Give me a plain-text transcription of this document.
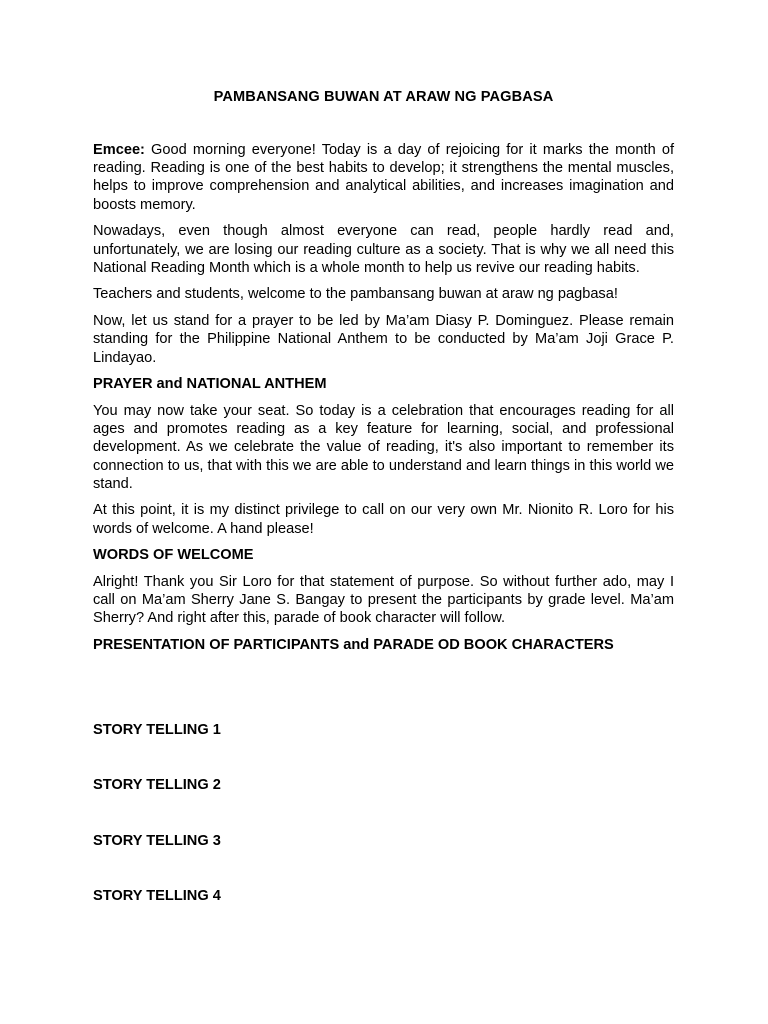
PAMBANSANG BUWAN AT ARAW NG PAGBASA

Emcee: Good morning everyone! Today is a day of rejoicing for it marks the month of reading. Reading is one of the best habits to develop; it strengthens the mental muscles, helps to improve comprehension and analytical abilities, and increases imagination and boosts memory.

Nowadays, even though almost everyone can read, people hardly read and, unfortunately, we are losing our reading culture as a society. That is why we all need this National Reading Month which is a whole month to help us revive our reading habits.

Teachers and students, welcome to the pambansang buwan at araw ng pagbasa!

Now, let us stand for a prayer to be led by Ma’am Diasy P. Dominguez. Please remain standing for the Philippine National Anthem to be conducted by Ma’am Joji Grace P. Lindayao.

PRAYER and NATIONAL ANTHEM

You may now take your seat. So today is a celebration that encourages reading for all ages and promotes reading as a key feature for learning, social, and professional development. As we celebrate the value of reading, it's also important to remember its connection to us, that with this we are able to understand and learn things in this world we stand.

At this point, it is my distinct privilege to call on our very own Mr. Nionito R. Loro for his words of welcome. A hand please!

WORDS OF WELCOME

Alright! Thank you Sir Loro for that statement of purpose. So without further ado, may I call on Ma’am Sherry Jane S. Bangay to present the participants by grade level. Ma’am Sherry? And right after this, parade of book character will follow.

PRESENTATION OF PARTICIPANTS and PARADE OD BOOK CHARACTERS
STORY TELLING 1
STORY TELLING 2
STORY TELLING 3
STORY TELLING 4
